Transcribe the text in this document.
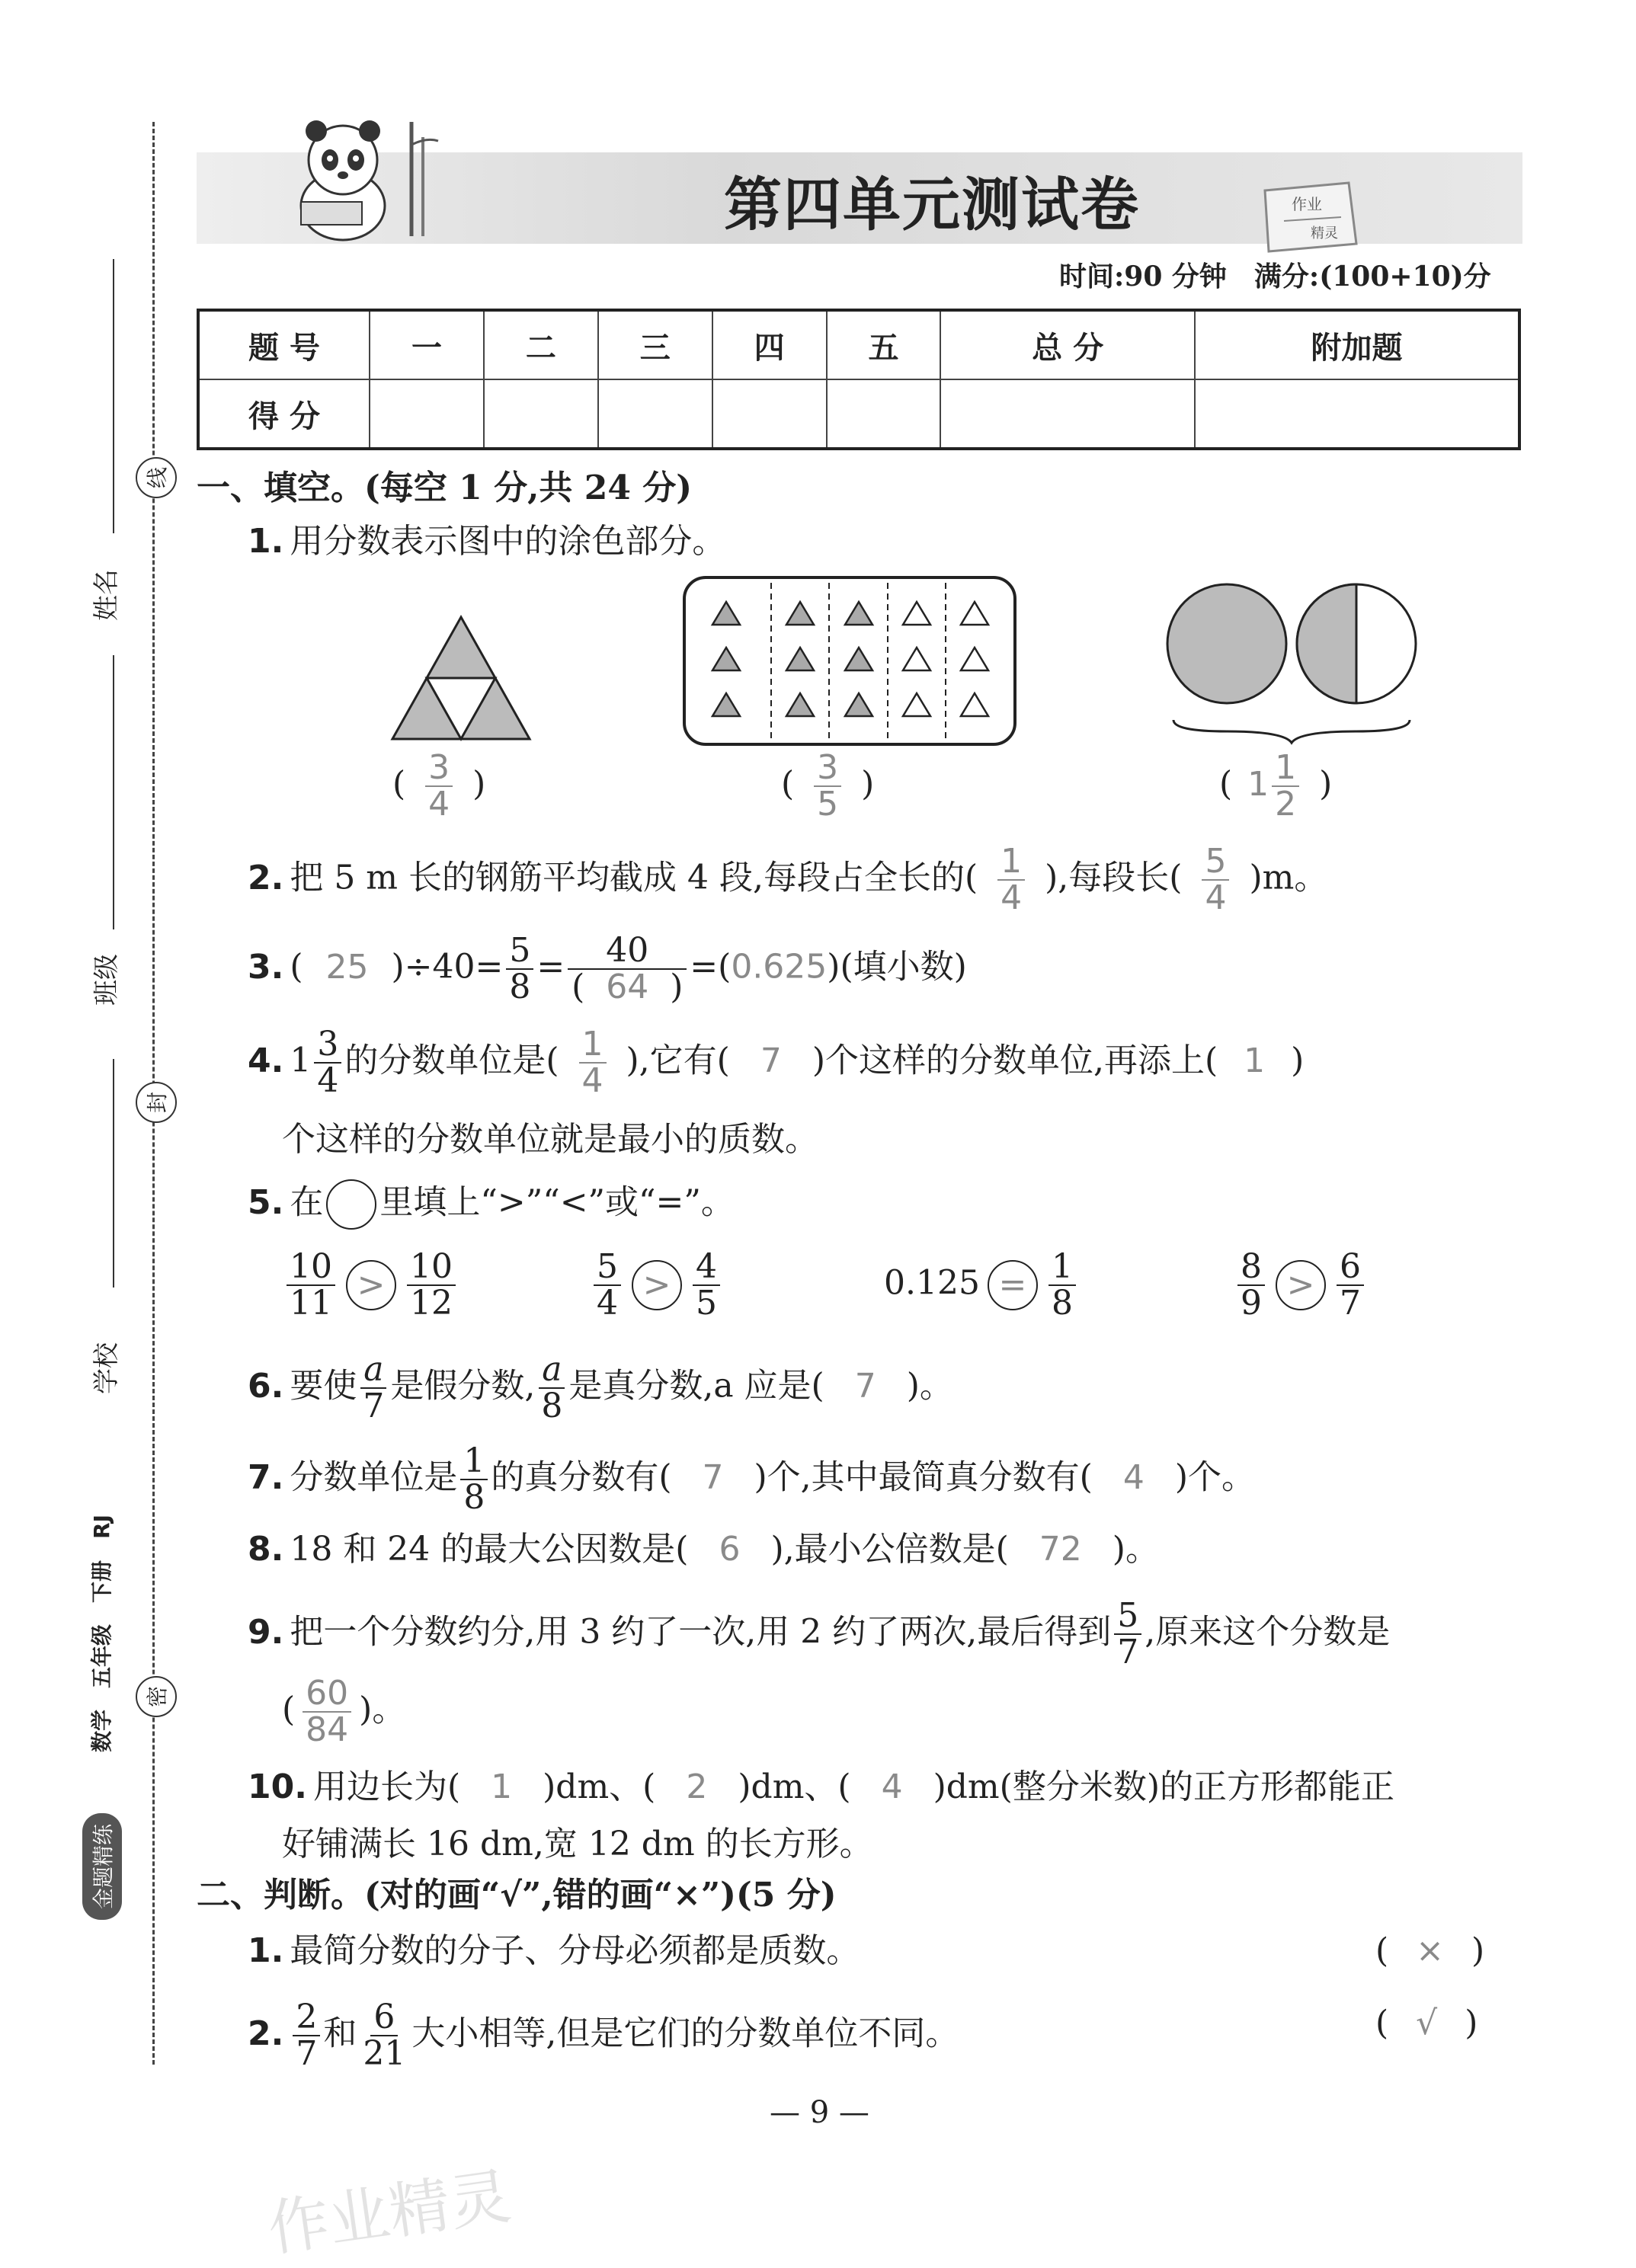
第四单元测试卷	作业
精灵
时间:90 分钟　满分:(100+10)分
题 号	一	二	三	四	五	总 分	附加题
得 分							
姓名
班级
学校
线
封
密
数学　五年级　下册　RJ
金题精练
一、填空。(每空 1 分,共 24 分)
1. 用分数表示图中的涂色部分。
( $\frac{3}{4}$ )	( $\frac{3}{5}$ )	( $1 \frac{1}{2}$ )
2. 把 5 m 长的钢筋平均截成 4 段,每段占全长的( $\frac{1}{4}$ ),每段长( $\frac{5}{4} )m$。
3. ( 25 )$\div 40= \frac{5}{8} = \frac{40}{( 64 )} =(0.625)$(填小数)
4. $1 \frac{3}{4}$ 的分数单位是( $\frac{1}{4}$ ),它有( 7 )个这样的分数单位,再添上( 1 )
个这样的分数单位就是最小的质数。
5. 在 里填上“>”“<”或“=”。
$\frac{10}{11} > \frac{10}{12}$	$\frac{5}{4} > \frac{4}{5}$	$0.125 = \frac{1}{8}$	$\frac{8}{9} > \frac{6}{7}$
6. 要使 $\frac{a}{7}$ 是假分数, $\frac{a}{8}$ 是真分数,a 应是( 7 )。
7. 分数单位是 $\frac{1}{8}$ 的真分数有( 7 )个,其中最简真分数有( 4 )个。
8. 18 和 24 的最大公因数是( 6 ),最小公倍数是( 72 )。
9. 把一个分数约分,用 3 约了一次,用 2 约了两次,最后得到 $\frac{5}{7}$ ,原来这个分数是
( $\frac{60}{84}$ )。
10. 用边长为( 1 )dm、( 2 )dm、( 4 )dm(整分米数)的正方形都能正
好铺满长 16 dm,宽 12 dm 的长方形。
二、判断。(对的画“√”,错的画“×”)(5 分)
1. 最简分数的分子、分母必须都是质数。	( × )
2. $\frac{2}{7}$ 和 $\frac{6}{21}$ 大小相等,但是它们的分数单位不同。	( √ )
— 9 —
作业精灵
